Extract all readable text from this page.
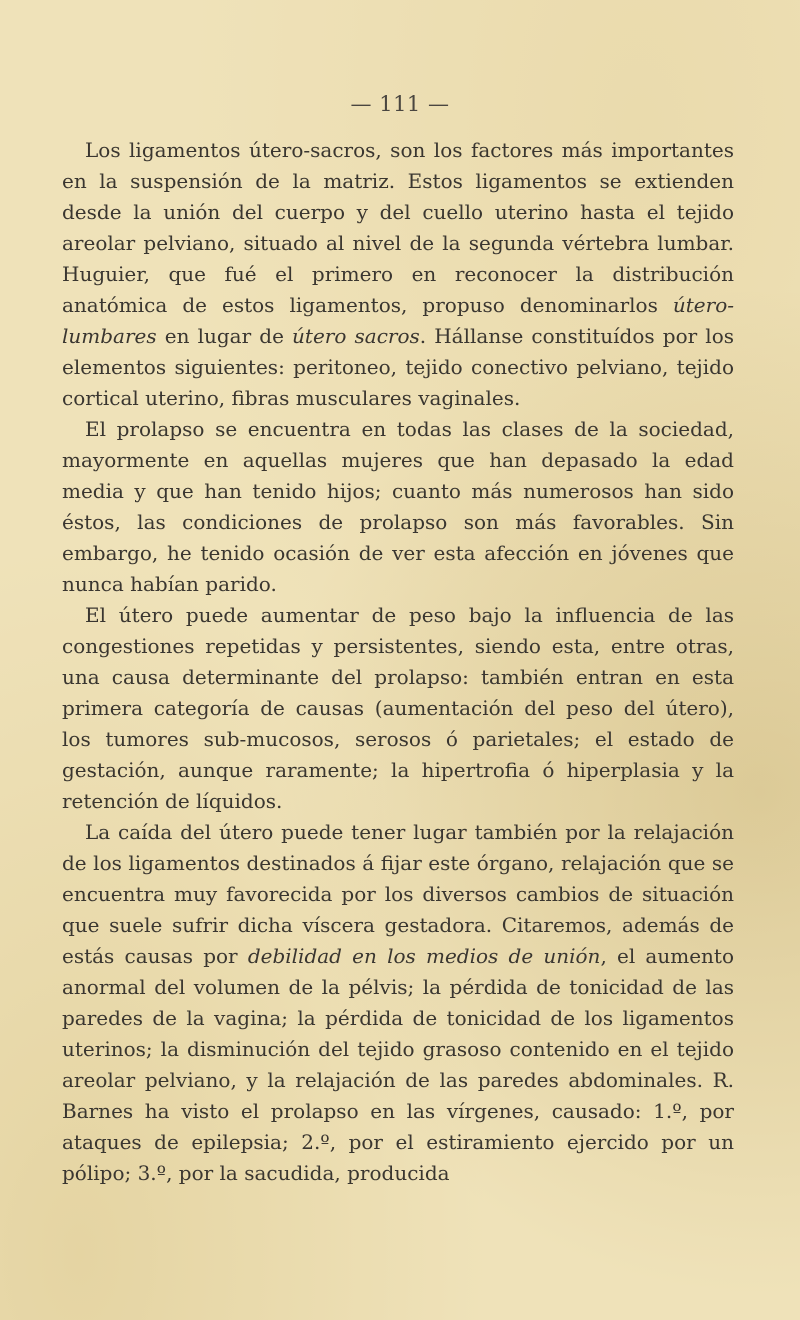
— 111 —

Los ligamentos útero-sacros, son los factores más importantes en la suspensión de la matriz. Estos ligamentos se extienden desde la unión del cuerpo y del cuello uterino hasta el tejido areolar pelviano, situado al nivel de la segunda vértebra lumbar. Huguier, que fué el primero en reconocer la distribución anatómica de estos ligamentos, propuso denominarlos útero-lumbares en lugar de útero sacros. Hállanse constituídos por los elementos siguientes: peritoneo, tejido conectivo pelviano, tejido cortical uterino, fibras musculares vaginales.

El prolapso se encuentra en todas las clases de la sociedad, mayormente en aquellas mujeres que han depasado la edad media y que han tenido hijos; cuanto más numerosos han sido éstos, las condiciones de prolapso son más favorables. Sin embargo, he tenido ocasión de ver esta afección en jóvenes que nunca habían parido.

El útero puede aumentar de peso bajo la influencia de las congestiones repetidas y persistentes, siendo esta, entre otras, una causa determinante del prolapso: también entran en esta primera categoría de causas (aumentación del peso del útero), los tumores sub-mucosos, serosos ó parietales; el estado de gestación, aunque raramente; la hipertrofia ó hiperplasia y la retención de líquidos.

La caída del útero puede tener lugar también por la relajación de los ligamentos destinados á fijar este órgano, relajación que se encuentra muy favorecida por los diversos cambios de situación que suele sufrir dicha víscera gestadora. Citaremos, además de estás causas por debilidad en los medios de unión, el aumento anormal del volumen de la pélvis; la pérdida de tonicidad de las paredes de la vagina; la pérdida de tonicidad de los ligamentos uterinos; la disminución del tejido grasoso contenido en el tejido areolar pelviano, y la relajación de las paredes abdominales. R. Barnes ha visto el prolapso en las vírgenes, causado: 1.º, por ataques de epilepsia; 2.º, por el estiramiento ejercido por un pólipo; 3.º, por la sacudida, producida
